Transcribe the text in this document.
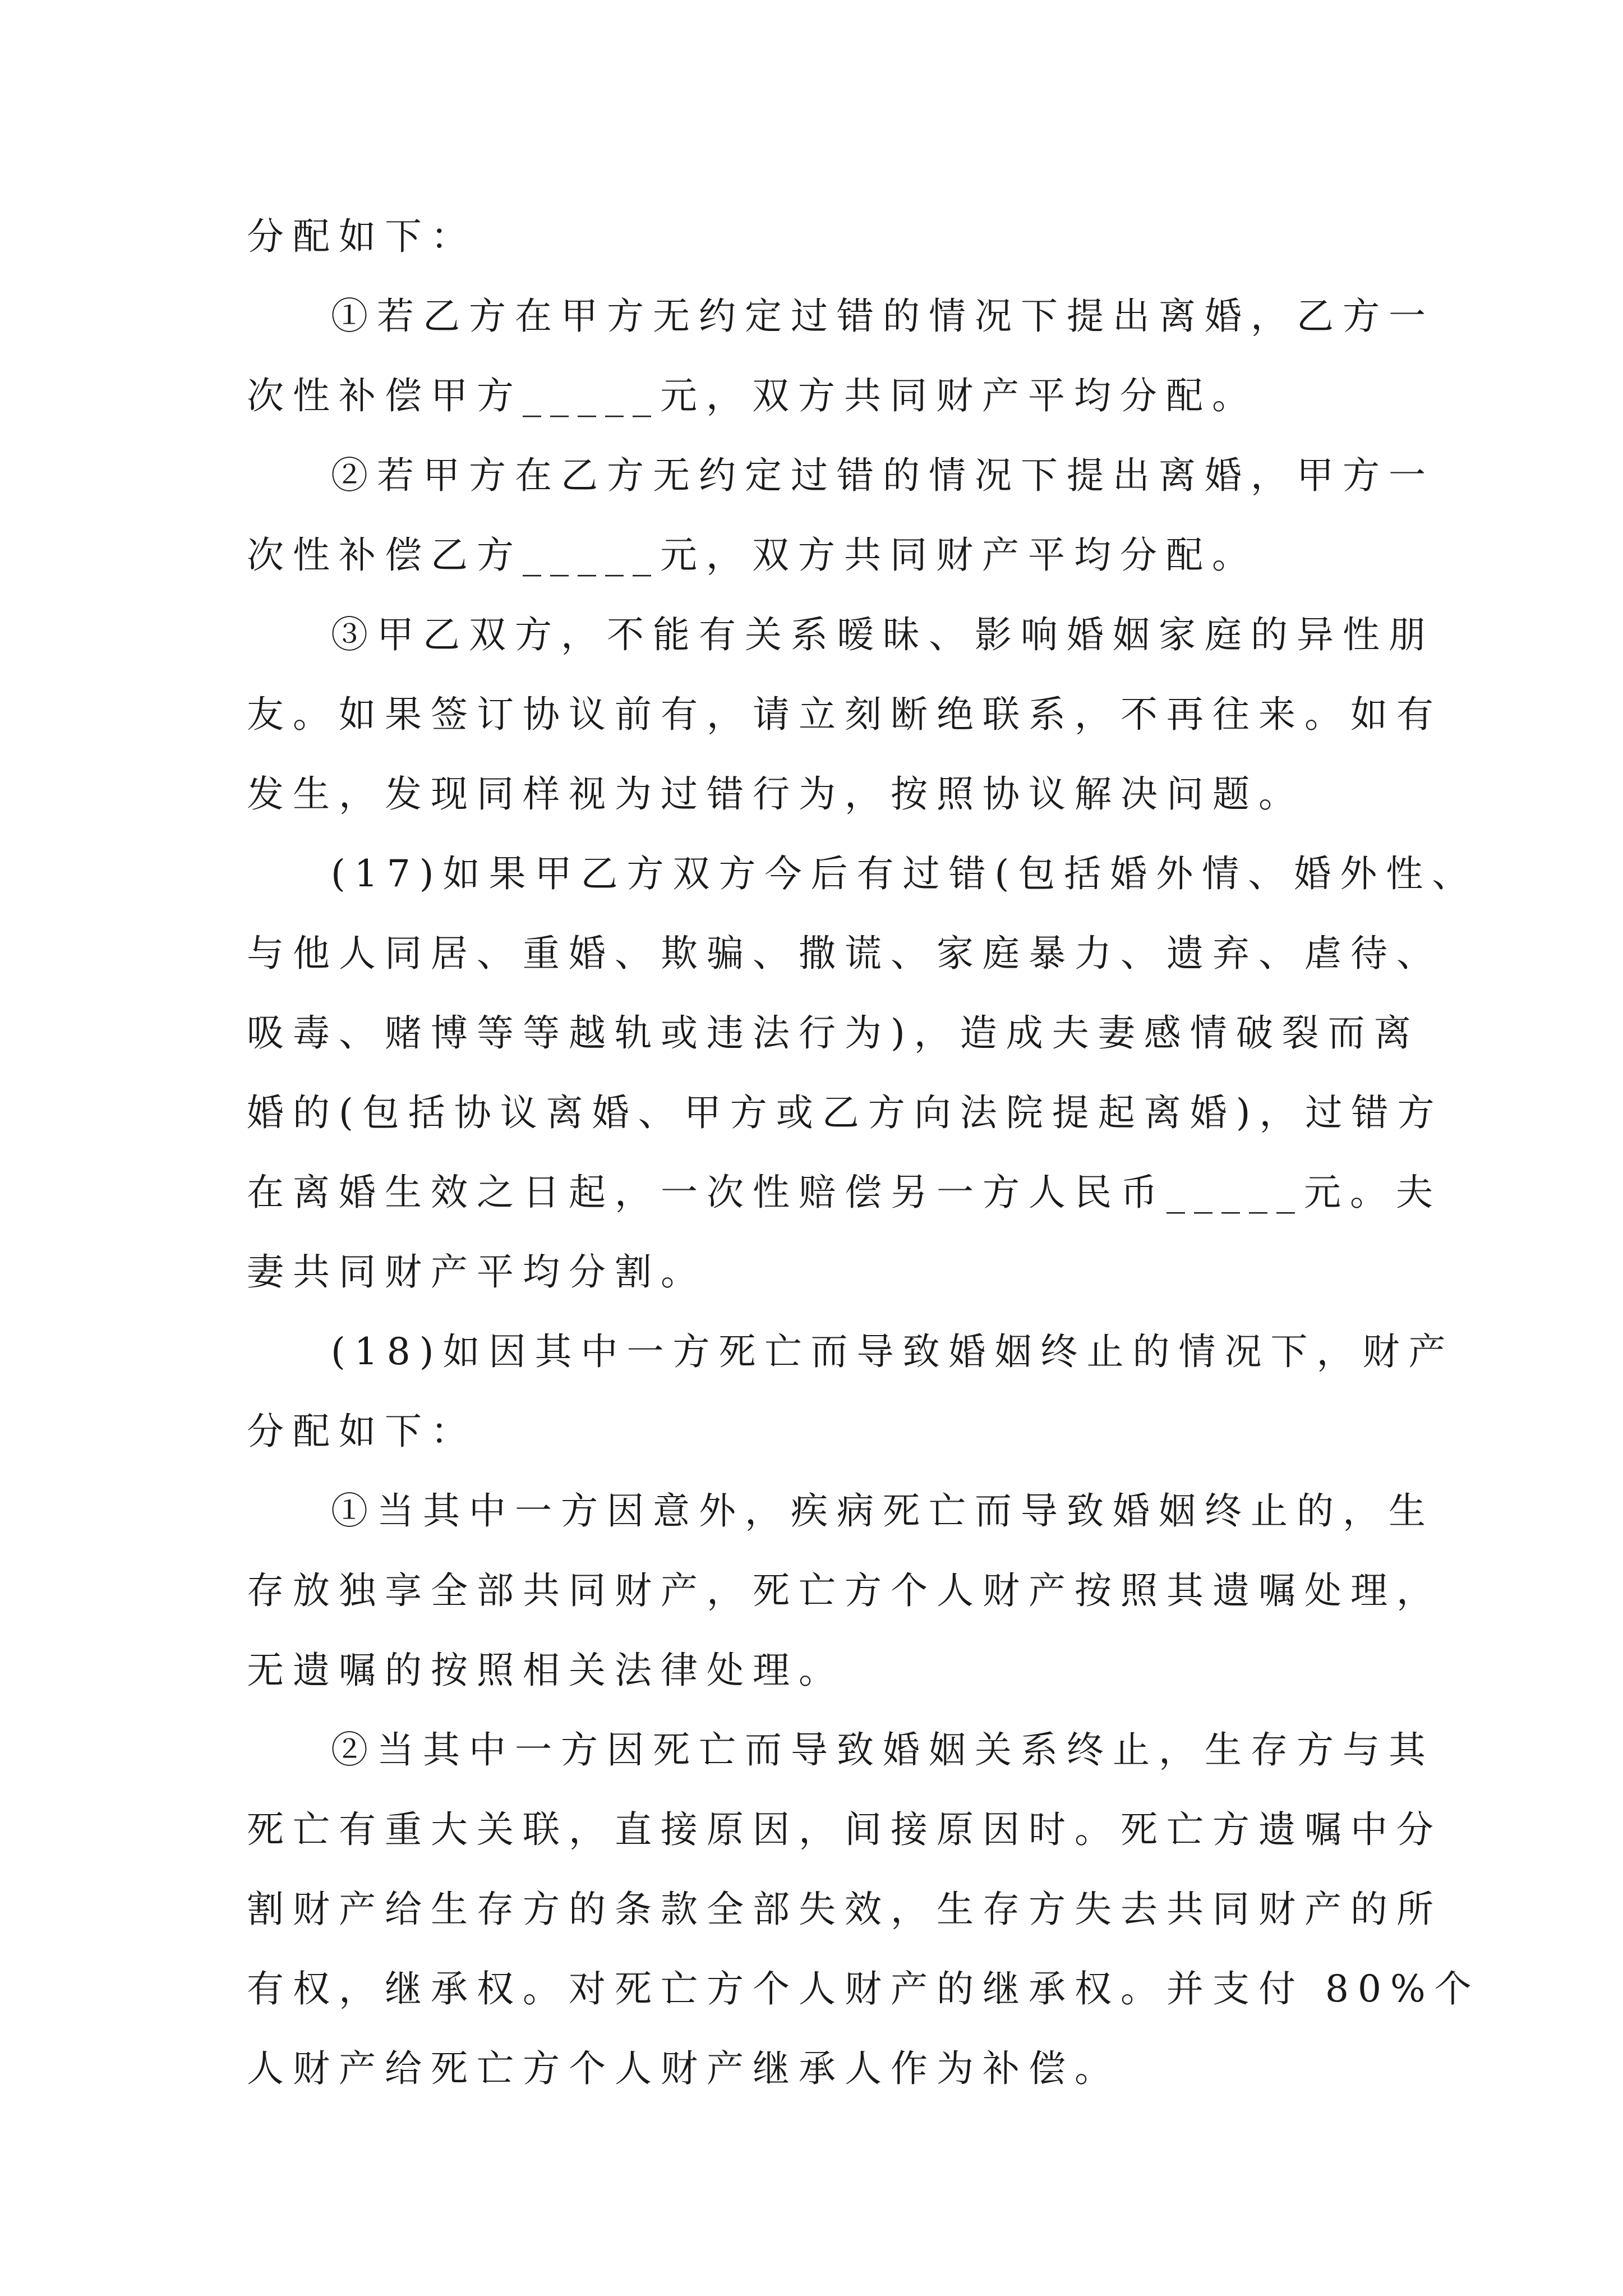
分配如下：

①若乙方在甲方无约定过错的情况下提出离婚，乙方一

次性补偿甲方_____元，双方共同财产平均分配。

②若甲方在乙方无约定过错的情况下提出离婚，甲方一

次性补偿乙方_____元，双方共同财产平均分配。

③甲乙双方，不能有关系暧昧、影响婚姻家庭的异性朋

友。如果签订协议前有，请立刻断绝联系，不再往来。如有

发生，发现同样视为过错行为，按照协议解决问题。

(17)如果甲乙方双方今后有过错(包括婚外情、婚外性、

与他人同居、重婚、欺骗、撒谎、家庭暴力、遗弃、虐待、

吸毒、赌博等等越轨或违法行为)，造成夫妻感情破裂而离

婚的(包括协议离婚、甲方或乙方向法院提起离婚)，过错方

在离婚生效之日起，一次性赔偿另一方人民币_____元。夫

妻共同财产平均分割。

(18)如因其中一方死亡而导致婚姻终止的情况下，财产

分配如下：

①当其中一方因意外，疾病死亡而导致婚姻终止的，生

存放独享全部共同财产，死亡方个人财产按照其遗嘱处理，

无遗嘱的按照相关法律处理。

②当其中一方因死亡而导致婚姻关系终止，生存方与其

死亡有重大关联，直接原因，间接原因时。死亡方遗嘱中分

割财产给生存方的条款全部失效，生存方失去共同财产的所

有权，继承权。对死亡方个人财产的继承权。并支付 80%个

人财产给死亡方个人财产继承人作为补偿。
